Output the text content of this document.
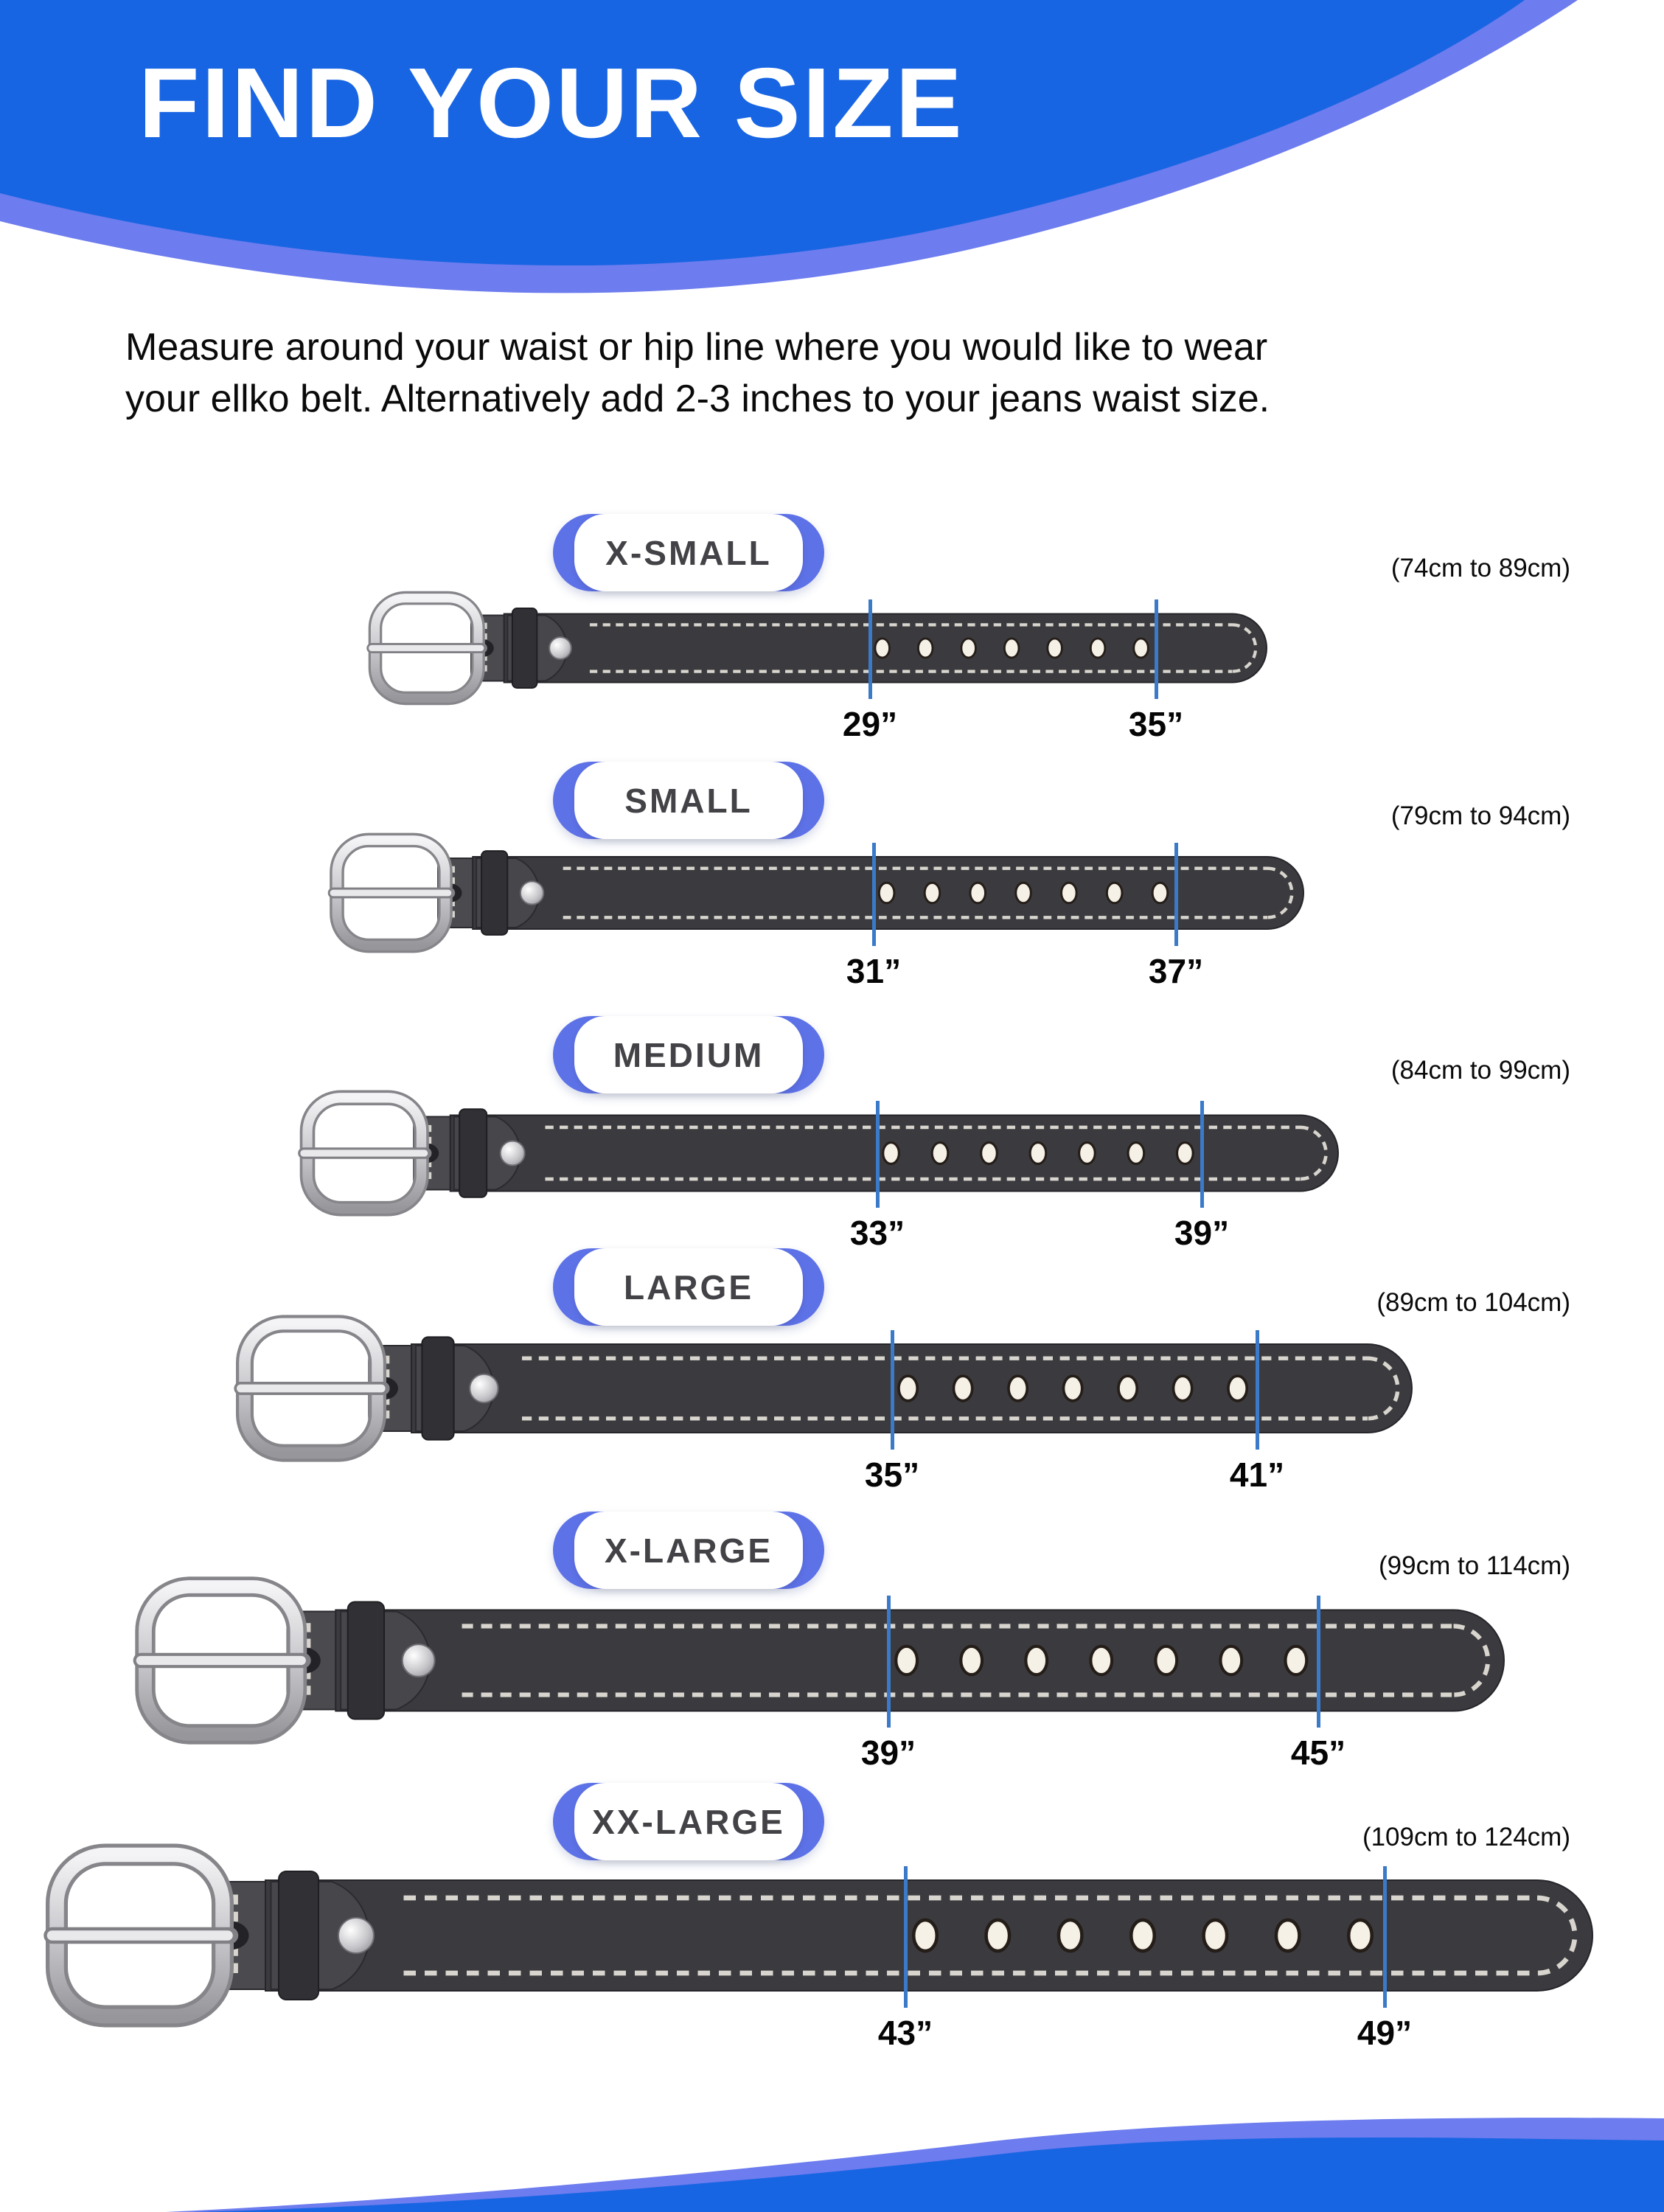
FIND YOUR SIZE
Measure around your waist or hip line where you would like to wear
your ellko belt. Alternatively add 2-3 inches to your jeans waist size.
X-SMALL	(74cm to 89cm)
29”	35”
SMALL	(79cm to 94cm)
31”	37”
MEDIUM	(84cm to 99cm)
33”	39”
LARGE	(89cm to 104cm)
35”	41”
X-LARGE	(99cm to 114cm)
39”	45”
XX-LARGE	(109cm to 124cm)
43”	49”
